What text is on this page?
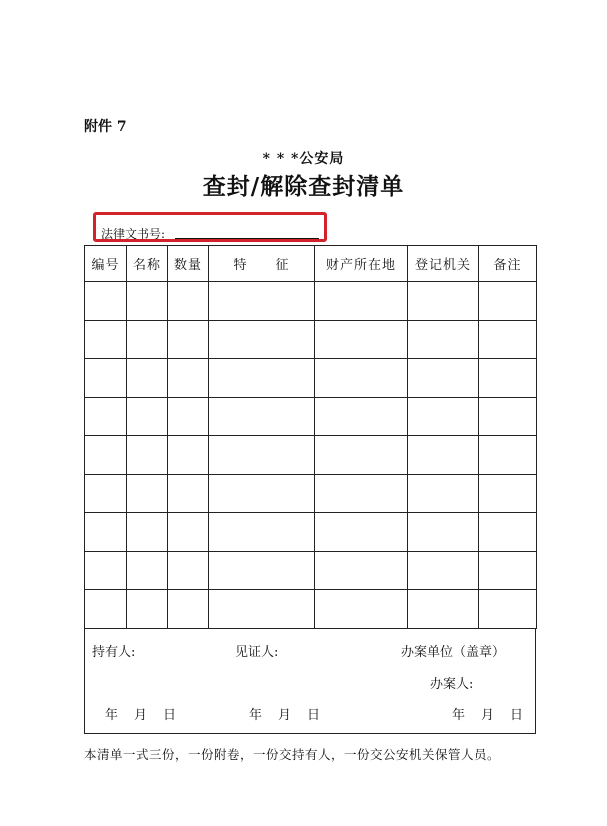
附件 7
* * *公安局
查封/解除查封清单
法律文书号:
编号	名称	数量	特　　征	财产所在地	登记机关	备注

持有人:	见证人:	办案单位（盖章）
办案人:
年 月 日	年 月 日	年 月 日
本清单一式三份，一份附卷，一份交持有人，一份交公安机关保管人员。
